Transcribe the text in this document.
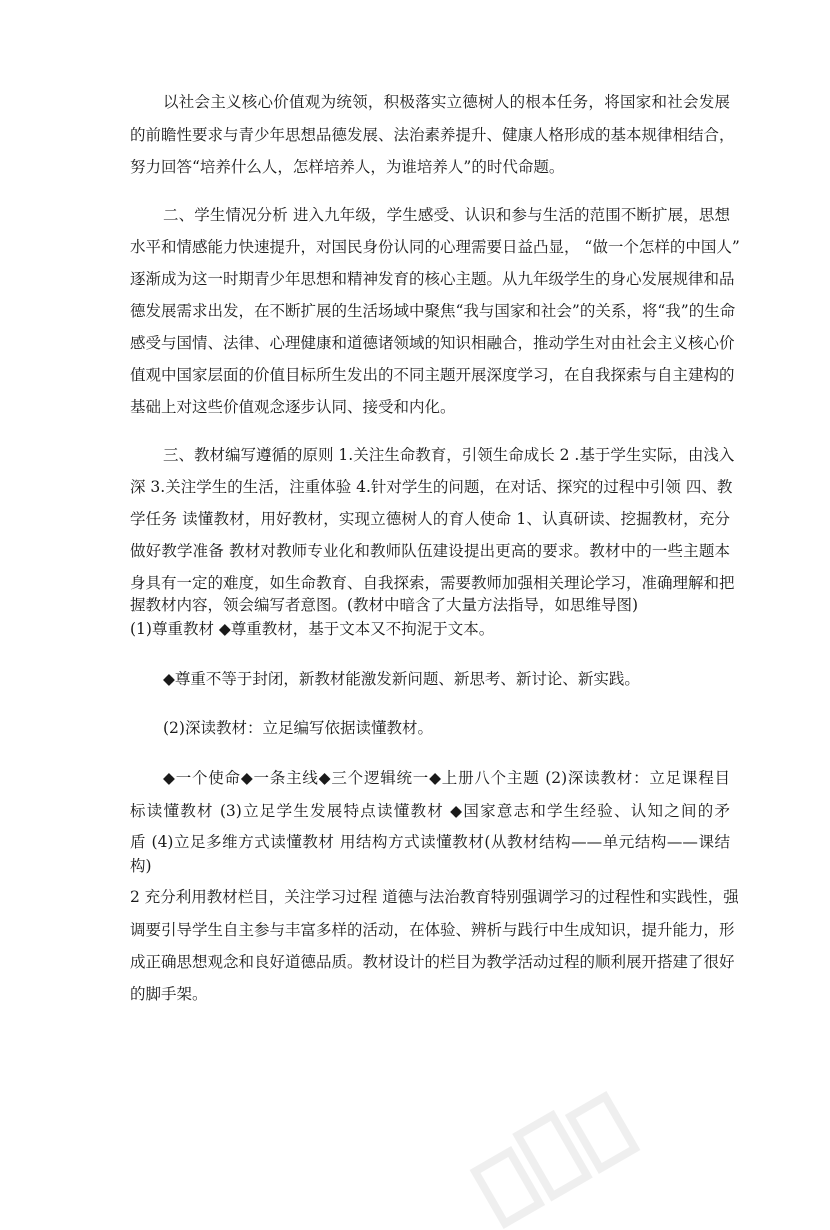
以社会主义核心价值观为统领，积极落实立德树人的根本任务，将国家和社会发展
的前瞻性要求与青少年思想品德发展、法治素养提升、健康人格形成的基本规律相结合，
努力回答“培养什么人，怎样培养人，为谁培养人”的时代命题。
二、学生情况分析 进入九年级，学生感受、认识和参与生活的范围不断扩展，思想
水平和情感能力快速提升，对国民身份认同的心理需要日益凸显， “做一个怎样的中国人”
逐渐成为这一时期青少年思想和精神发育的核心主题。从九年级学生的身心发展规律和品
德发展需求出发，在不断扩展的生活场域中聚焦“我与国家和社会”的关系，将“我”的生命
感受与国情、法律、心理健康和道德诸领域的知识相融合，推动学生对由社会主义核心价
值观中国家层面的价值目标所生发出的不同主题开展深度学习，在自我探索与自主建构的
基础上对这些价值观念逐步认同、接受和内化。
三、教材编写遵循的原则 1.关注生命教育，引领生命成长 2 .基于学生实际，由浅入
深 3.关注学生的生活，注重体验 4.针对学生的问题，在对话、探究的过程中引领 四、教
学任务 读懂教材，用好教材，实现立德树人的育人使命 1、认真研读、挖掘教材，充分
做好教学准备 教材对教师专业化和教师队伍建设提出更高的要求。教材中的一些主题本
身具有一定的难度，如生命教育、自我探索，需要教师加强相关理论学习，准确理解和把
握教材内容，领会编写者意图。(教材中暗含了大量方法指导，如思维导图)
(1)尊重教材 ◆尊重教材，基于文本又不拘泥于文本。
◆尊重不等于封闭，新教材能激发新问题、新思考、新讨论、新实践。
(2)深读教材：立足编写依据读懂教材。
◆一个使命◆一条主线◆三个逻辑统一◆上册八个主题 (2)深读教材：立足课程目
标读懂教材 (3)立足学生发展特点读懂教材 ◆国家意志和学生经验、认知之间的矛
盾 (4)立足多维方式读懂教材 用结构方式读懂教材(从教材结构——单元结构——课结
构)
2 充分利用教材栏目，关注学习过程 道德与法治教育特别强调学习的过程性和实践性，强
调要引导学生自主参与丰富多样的活动，在体验、辨析与践行中生成知识，提升能力，形
成正确思想观念和良好道德品质。教材设计的栏目为教学活动过程的顺利展开搭建了很好
的脚手架。
